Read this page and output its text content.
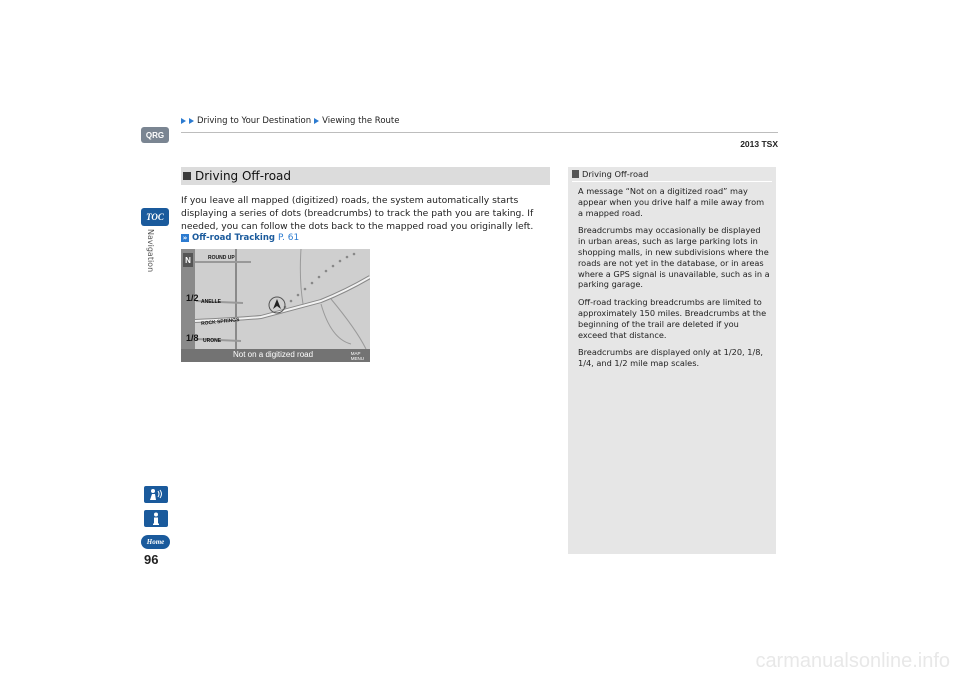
Driving to Your Destination Viewing the Route
2013 TSX
QRG
TOC
Navigation
Home
96
Driving Off-road
If you leave all mapped (digitized) roads, the system automatically starts displaying a series of dots (breadcrumbs) to track the path you are taking. If needed, you can follow the dots back to the mapped road you originally left.
» Off-road Tracking P. 61
N	ROUND UP
ANELLE
ROCK SPRINGS
URONE
1/2
1/8
Not on a digitized road	MAP
MENU
Driving Off-road

A message “Not on a digitized road” may appear when you drive half a mile away from a mapped road.

Breadcrumbs may occasionally be displayed in urban areas, such as large parking lots in shopping malls, in new subdivisions where the roads are not yet in the database, or in areas where a GPS signal is unavailable, such as in a parking garage.

Off-road tracking breadcrumbs are limited to approximately 150 miles. Breadcrumbs at the beginning of the trail are deleted if you exceed that distance.

Breadcrumbs are displayed only at 1/20, 1/8, 1/4, and 1/2 mile map scales.

carmanualsonline.info
